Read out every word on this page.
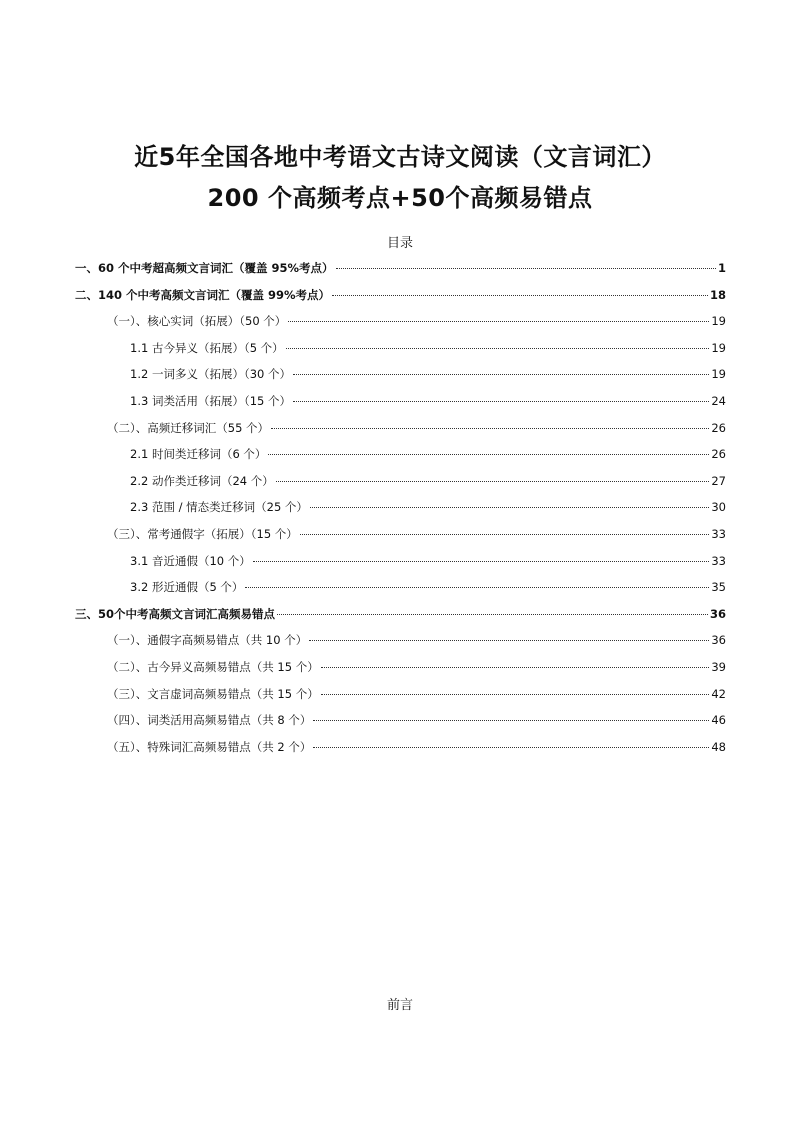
近5年全国各地中考语文古诗文阅读（文言词汇）
200 个高频考点+50个高频易错点
目录
一、60 个中考超高频文言词汇（覆盖 95%考点）	1
二、140 个中考高频文言词汇（覆盖 99%考点）	18
（一）、核心实词（拓展）（50 个）	19
1.1 古今异义（拓展）（5 个）	19
1.2 一词多义（拓展）（30 个）	19
1.3 词类活用（拓展）（15 个）	24
（二）、高频迁移词汇（55 个）	26
2.1 时间类迁移词（6 个）	26
2.2 动作类迁移词（24 个）	27
2.3 范围 / 情态类迁移词（25 个）	30
（三）、常考通假字（拓展）（15 个）	33
3.1 音近通假（10 个）	33
3.2 形近通假（5 个）	35
三、50个中考高频文言词汇高频易错点	36
（一）、通假字高频易错点（共 10 个）	36
（二）、古今异义高频易错点（共 15 个）	39
（三）、文言虚词高频易错点（共 15 个）	42
（四）、词类活用高频易错点（共 8 个）	46
（五）、特殊词汇高频易错点（共 2 个）	48
前言
